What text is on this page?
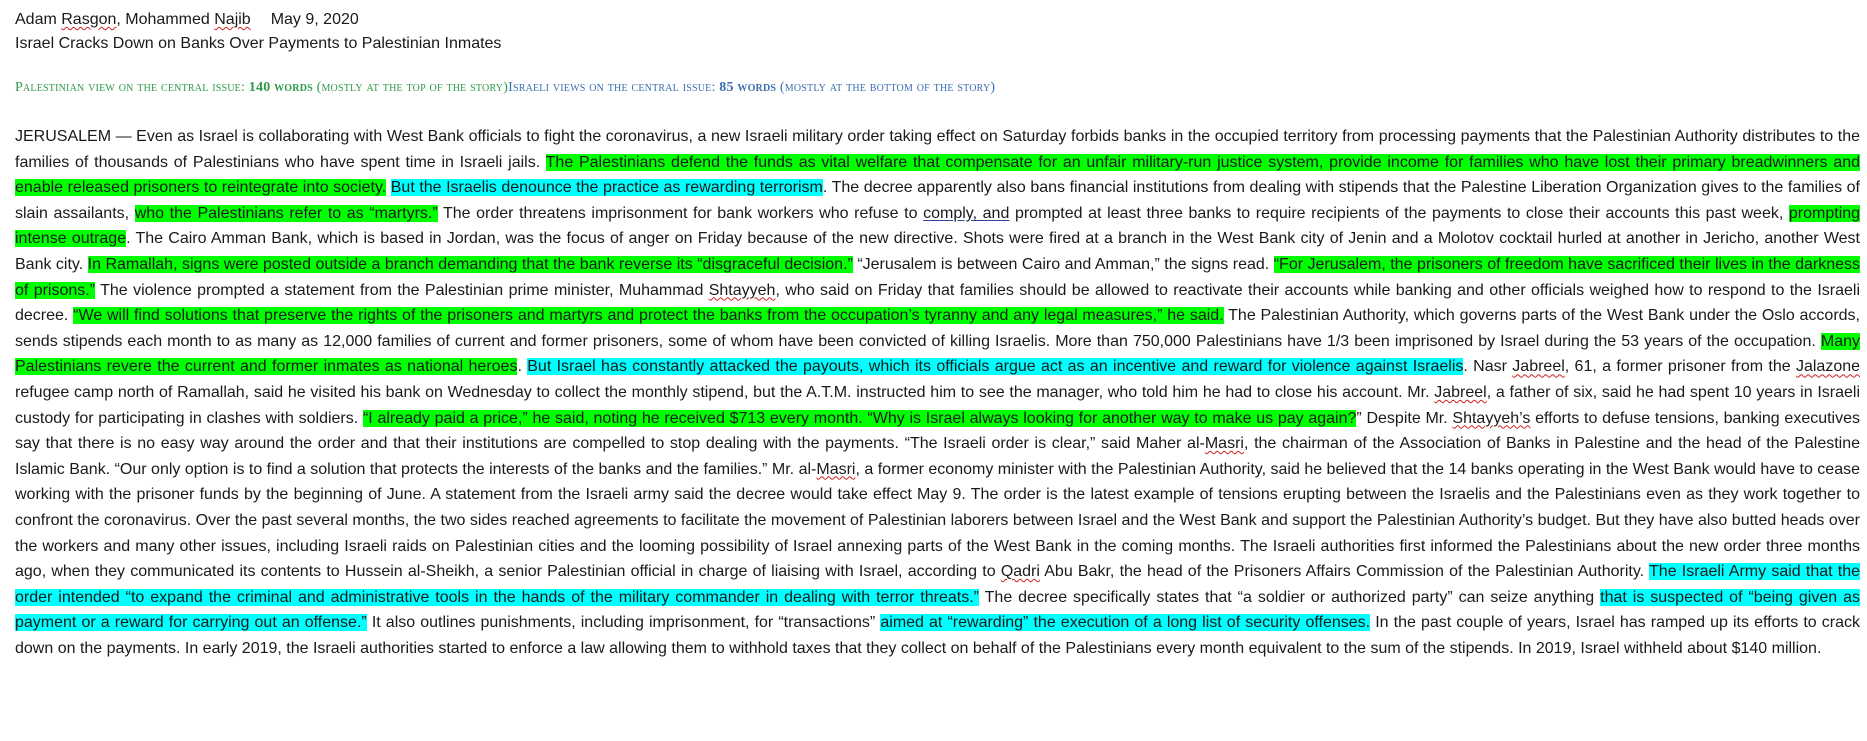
Adam Rasgon, Mohammed Najib May 9, 2020
Israel Cracks Down on Banks Over Payments to Palestinian Inmates
Palestinian view on the central issue: 140 words (mostly at the top of the story)Israeli views on the central issue: 85 words (mostly at the bottom of the story)
JERUSALEM — Even as Israel is collaborating with West Bank officials to fight the coronavirus, a new Israeli military order taking effect on Saturday forbids banks in the occupied territory from processing payments that the Palestinian Authority distributes to the families of thousands of Palestinians who have spent time in Israeli jails. The Palestinians defend the funds as vital welfare that compensate for an unfair military-run justice system, provide income for families who have lost their primary breadwinners and enable released prisoners to reintegrate into society. But the Israelis denounce the practice as rewarding terrorism. The decree apparently also bans financial institutions from dealing with stipends that the Palestine Liberation Organization gives to the families of slain assailants, who the Palestinians refer to as “martyrs.” The order threatens imprisonment for bank workers who refuse to comply, and prompted at least three banks to require recipients of the payments to close their accounts this past week, prompting intense outrage. The Cairo Amman Bank, which is based in Jordan, was the focus of anger on Friday because of the new directive. Shots were fired at a branch in the West Bank city of Jenin and a Molotov cocktail hurled at another in Jericho, another West Bank city. In Ramallah, signs were posted outside a branch demanding that the bank reverse its “disgraceful decision.” “Jerusalem is between Cairo and Amman,” the signs read. “For Jerusalem, the prisoners of freedom have sacrificed their lives in the darkness of prisons.” The violence prompted a statement from the Palestinian prime minister, Muhammad Shtayyeh, who said on Friday that families should be allowed to reactivate their accounts while banking and other officials weighed how to respond to the Israeli decree. “We will find solutions that preserve the rights of the prisoners and martyrs and protect the banks from the occupation’s tyranny and any legal measures,” he said. The Palestinian Authority, which governs parts of the West Bank under the Oslo accords, sends stipends each month to as many as 12,000 families of current and former prisoners, some of whom have been convicted of killing Israelis. More than 750,000 Palestinians have 1/3 been imprisoned by Israel during the 53 years of the occupation. Many Palestinians revere the current and former inmates as national heroes. But Israel has constantly attacked the payouts, which its officials argue act as an incentive and reward for violence against Israelis. Nasr Jabreel, 61, a former prisoner from the Jalazone refugee camp north of Ramallah, said he visited his bank on Wednesday to collect the monthly stipend, but the A.T.M. instructed him to see the manager, who told him he had to close his account. Mr. Jabreel, a father of six, said he had spent 10 years in Israeli custody for participating in clashes with soldiers. “I already paid a price,” he said, noting he received $713 every month. “Why is Israel always looking for another way to make us pay again?” Despite Mr. Shtayyeh’s efforts to defuse tensions, banking executives say that there is no easy way around the order and that their institutions are compelled to stop dealing with the payments. “The Israeli order is clear,” said Maher al-Masri, the chairman of the Association of Banks in Palestine and the head of the Palestine Islamic Bank. “Our only option is to find a solution that protects the interests of the banks and the families.” Mr. al-Masri, a former economy minister with the Palestinian Authority, said he believed that the 14 banks operating in the West Bank would have to cease working with the prisoner funds by the beginning of June. A statement from the Israeli army said the decree would take effect May 9. The order is the latest example of tensions erupting between the Israelis and the Palestinians even as they work together to confront the coronavirus. Over the past several months, the two sides reached agreements to facilitate the movement of Palestinian laborers between Israel and the West Bank and support the Palestinian Authority’s budget. But they have also butted heads over the workers and many other issues, including Israeli raids on Palestinian cities and the looming possibility of Israel annexing parts of the West Bank in the coming months. The Israeli authorities first informed the Palestinians about the new order three months ago, when they communicated its contents to Hussein al-Sheikh, a senior Palestinian official in charge of liaising with Israel, according to Qadri Abu Bakr, the head of the Prisoners Affairs Commission of the Palestinian Authority. The Israeli Army said that the order intended “to expand the criminal and administrative tools in the hands of the military commander in dealing with terror threats.” The decree specifically states that “a soldier or authorized party” can seize anything that is suspected of “being given as payment or a reward for carrying out an offense.” It also outlines punishments, including imprisonment, for “transactions” aimed at “rewarding” the execution of a long list of security offenses. In the past couple of years, Israel has ramped up its efforts to crack down on the payments. In early 2019, the Israeli authorities started to enforce a law allowing them to withhold taxes that they collect on behalf of the Palestinians every month equivalent to the sum of the stipends. In 2019, Israel withheld about $140 million.
